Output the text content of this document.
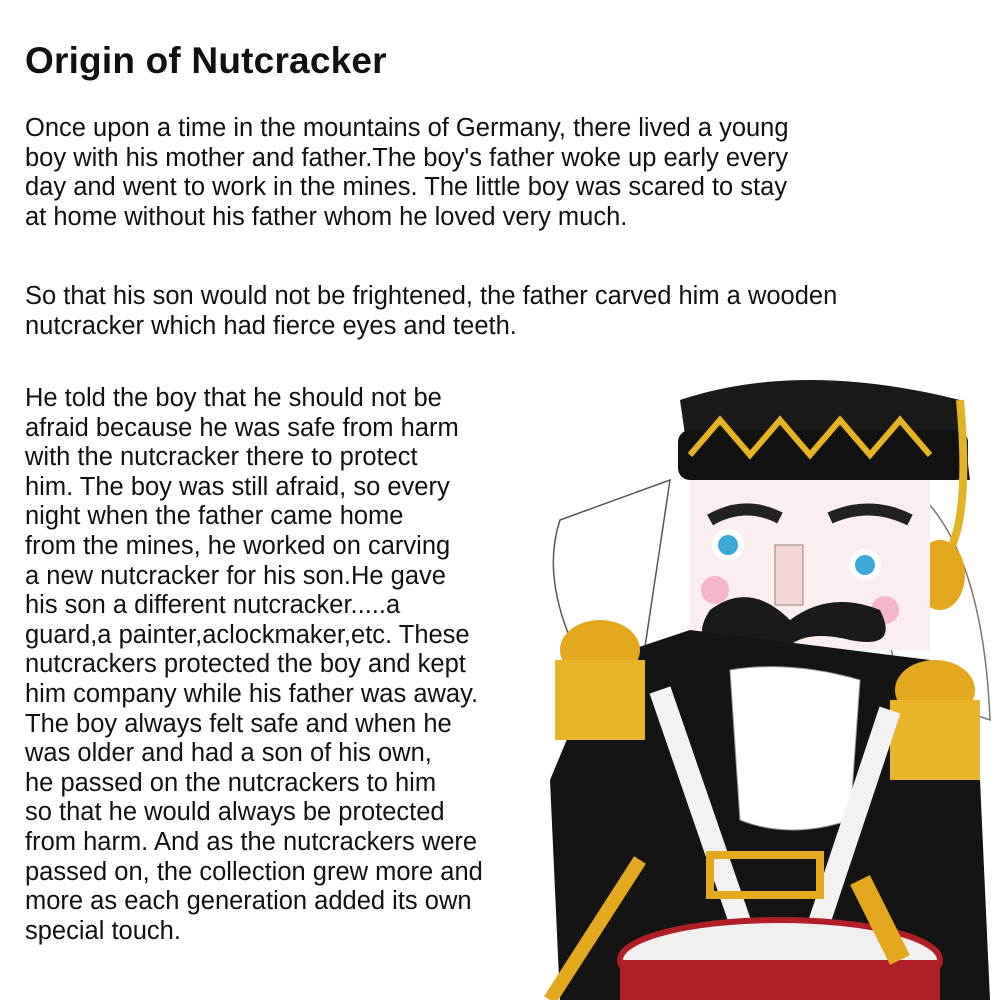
Origin of Nutcracker
Once upon a time in the mountains of Germany, there lived a young
boy with his mother and father.The boy's father woke up early every
day and went to work in the mines. The little boy was scared to stay
at home without his father whom he loved very much.
So that his son would not be frightened, the father carved him a wooden
nutcracker which had fierce eyes and teeth.
He told the boy that he should not be
afraid because he was safe from harm
with the nutcracker there to protect
him. The boy was still afraid, so every
night when the father came home
from the mines, he worked on carving
a new nutcracker for his son.He gave
his son a different nutcracker.....a
guard,a painter,aclockmaker,etc. These
nutcrackers protected the boy and kept
him company while his father was away.
The boy always felt safe and when he
was older and had a son of his own,
he passed on the nutcrackers to him
so that he would always be protected
from harm. And as the nutcrackers were
passed on, the collection grew more and
more as each generation added its own
special touch.
